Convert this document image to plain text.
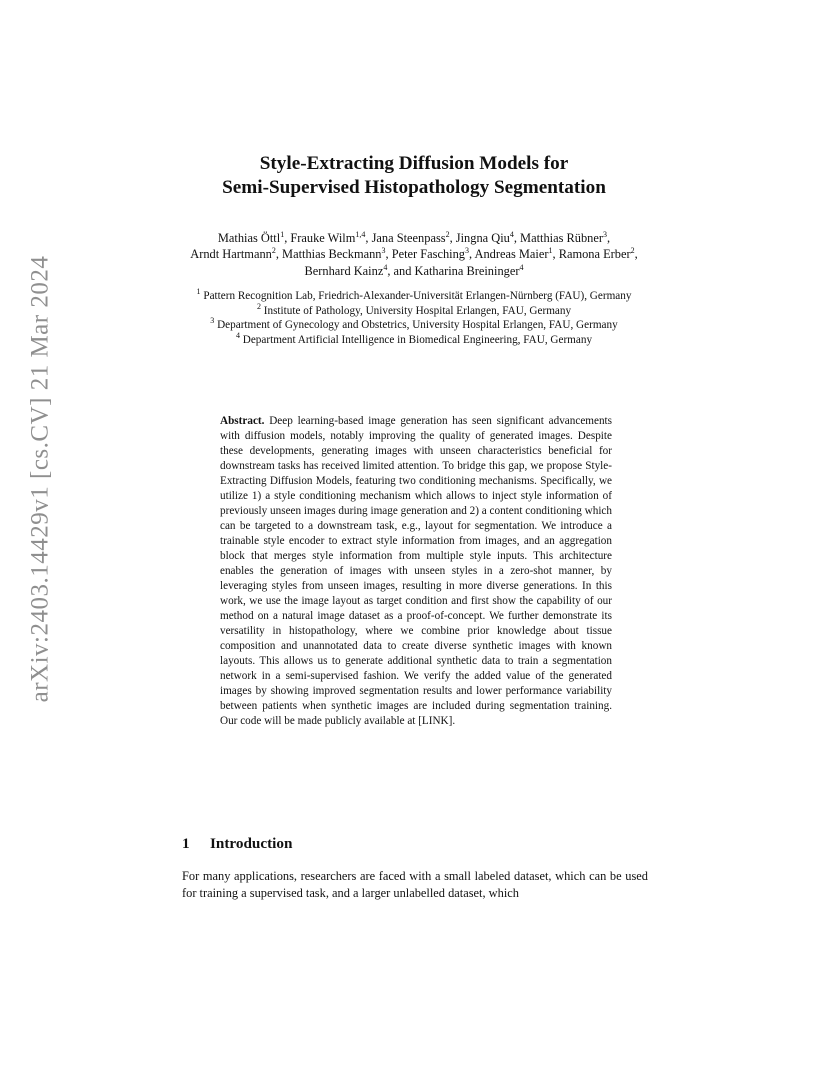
arXiv:2403.14429v1 [cs.CV] 21 Mar 2024
Style-Extracting Diffusion Models for
Semi-Supervised Histopathology Segmentation
Mathias Öttl$^1$, Frauke Wilm$^{1,4}$, Jana Steenpass$^2$, Jingna Qiu$^4$, Matthias Rübner$^3$, Arndt Hartmann$^2$, Matthias Beckmann$^3$, Peter Fasching$^3$, Andreas Maier$^1$, Ramona Erber$^2$, Bernhard Kainz$^4$, and Katharina Breininger$^4$
$^1$ Pattern Recognition Lab, Friedrich-Alexander-Universität Erlangen-Nürnberg (FAU), Germany
$^2$ Institute of Pathology, University Hospital Erlangen, FAU, Germany
$^3$ Department of Gynecology and Obstetrics, University Hospital Erlangen, FAU, Germany
$^4$ Department Artificial Intelligence in Biomedical Engineering, FAU, Germany

Abstract. Deep learning-based image generation has seen significant advancements with diffusion models, notably improving the quality of generated images. Despite these developments, generating images with unseen characteristics beneficial for downstream tasks has received limited attention. To bridge this gap, we propose Style-Extracting Diffusion Models, featuring two conditioning mechanisms. Specifically, we utilize 1) a style conditioning mechanism which allows to inject style information of previously unseen images during image generation and 2) a content conditioning which can be targeted to a downstream task, e.g., layout for segmentation. We introduce a trainable style encoder to extract style information from images, and an aggregation block that merges style information from multiple style inputs. This architecture enables the generation of images with unseen styles in a zero-shot manner, by leveraging styles from unseen images, resulting in more diverse generations. In this work, we use the image layout as target condition and first show the capability of our method on a natural image dataset as a proof-of-concept. We further demonstrate its versatility in histopathology, where we combine prior knowledge about tissue composition and unannotated data to create diverse synthetic images with known layouts. This allows us to generate additional synthetic data to train a segmentation network in a semi-supervised fashion. We verify the added value of the generated images by showing improved segmentation results and lower performance variability between patients when synthetic images are included during segmentation training. Our code will be made publicly available at [LINK].

1 Introduction

For many applications, researchers are faced with a small labeled dataset, which can be used for training a supervised task, and a larger unlabelled dataset, which
